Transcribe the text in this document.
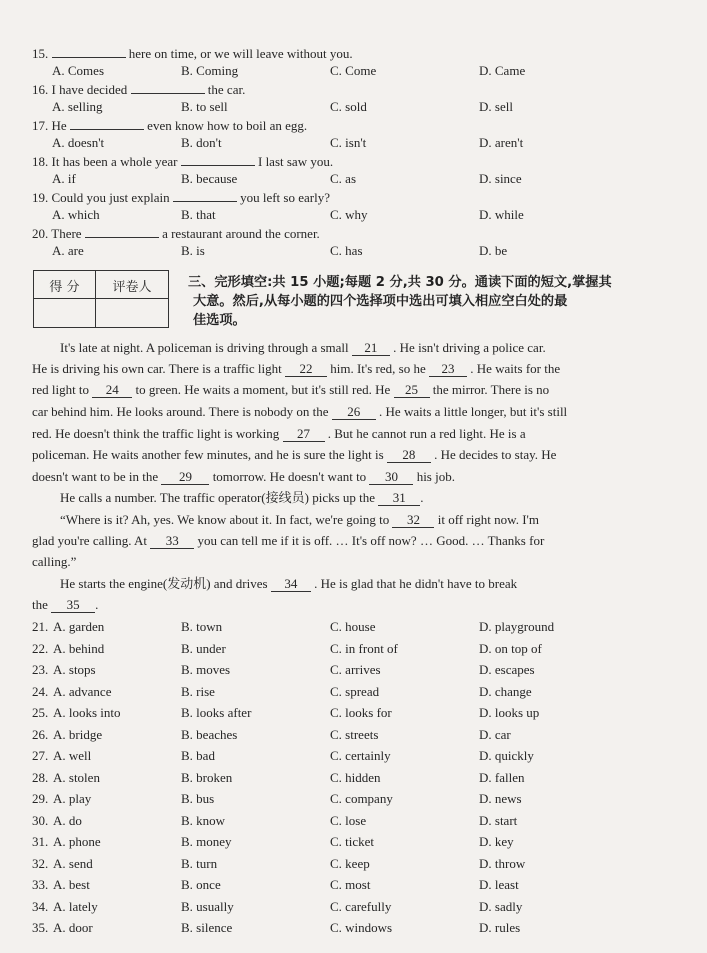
15.	here on time, or we will leave without you.
A. Comes	B. Coming	C. Come	D. Came
16. I have decided	the car.
A. selling	B. to sell	C. sold	D. sell
17. He	even know how to boil an egg.
A. doesn't	B. don't	C. isn't	D. aren't
18. It has been a whole year	I last saw you.
A. if	B. because	C. as	D. since
19. Could you just explain	you left so early?
A. which	B. that	C. why	D. while
20. There	a restaurant around the corner.
A. are	B. is	C. has	D. be
得 分	评卷人	三、完形填空:共 15 小题;每题 2 分,共 30 分。通读下面的短文,掌握其
大意。然后,从每小题的四个选择项中选出可填入相应空白处的最
佳选项。
It's late at night. A policeman is driving through a small 21 . He isn't driving a police car.
He is driving his own car. There is a traffic light 22 him. It's red, so he 23 . He waits for the
red light to 24 to green. He waits a moment, but it's still red. He 25 the mirror. There is no
car behind him. He looks around. There is nobody on the 26 . He waits a little longer, but it's still
red. He doesn't think the traffic light is working 27 . But he cannot run a red light. He is a
policeman. He waits another few minutes, and he is sure the light is 28 . He decides to stay. He
doesn't want to be in the 29 tomorrow. He doesn't want to 30 his job.
He calls a number. The traffic operator(接线员) picks up the 31 .
“Where is it? Ah, yes. We know about it. In fact, we're going to 32 it off right now. I'm
glad you're calling. At 33 you can tell me if it is off. … It's off now? … Good. … Thanks for
calling.”
He starts the engine(发动机) and drives 34 . He is glad that he didn't have to break
the 35 .
21. A. garden	B. town	C. house	D. playground
22. A. behind	B. under	C. in front of	D. on top of
23. A. stops	B. moves	C. arrives	D. escapes
24. A. advance	B. rise	C. spread	D. change
25. A. looks into	B. looks after	C. looks for	D. looks up
26. A. bridge	B. beaches	C. streets	D. car
27. A. well	B. bad	C. certainly	D. quickly
28. A. stolen	B. broken	C. hidden	D. fallen
29. A. play	B. bus	C. company	D. news
30. A. do	B. know	C. lose	D. start
31. A. phone	B. money	C. ticket	D. key
32. A. send	B. turn	C. keep	D. throw
33. A. best	B. once	C. most	D. least
34. A. lately	B. usually	C. carefully	D. sadly
35. A. door	B. silence	C. windows	D. rules
